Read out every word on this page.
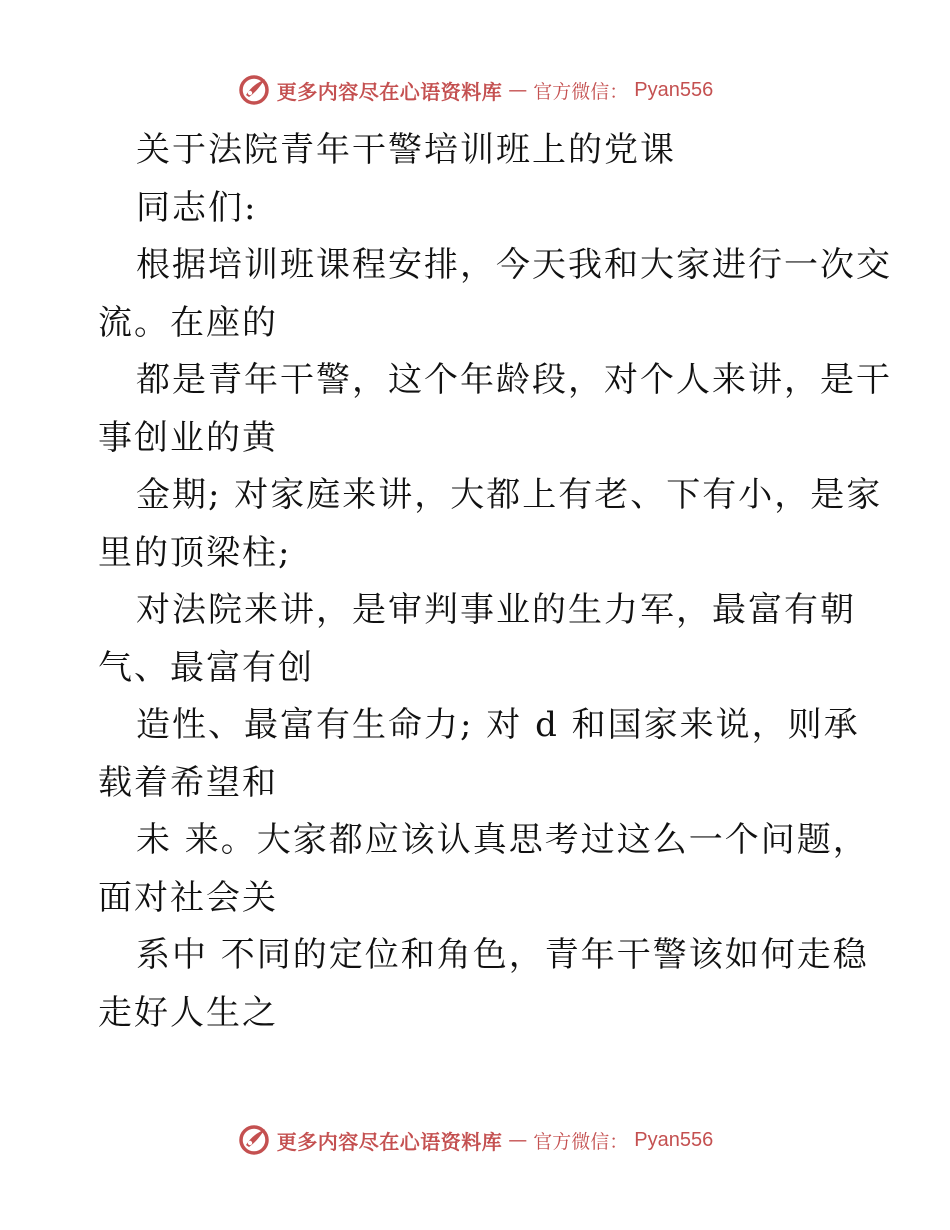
更多内容尽在心语资料库 — 官方微信： Pyan556
关于法院青年干警培训班上的党课
同志们:
根据培训班课程安排，今天我和大家进行一次交
流。在座的
都是青年干警，这个年龄段，对个人来讲，是干
事创业的黄
金期; 对家庭来讲，大都上有老、下有小，是家
里的顶梁柱;
对法院来讲，是审判事业的生力军，最富有朝
气、最富有创
造性、最富有生命力; 对 d 和国家来说，则承
载着希望和
未 来。大家都应该认真思考过这么一个问题，
面对社会关
系中 不同的定位和角色，青年干警该如何走稳
走好人生之
更多内容尽在心语资料库 — 官方微信： Pyan556
